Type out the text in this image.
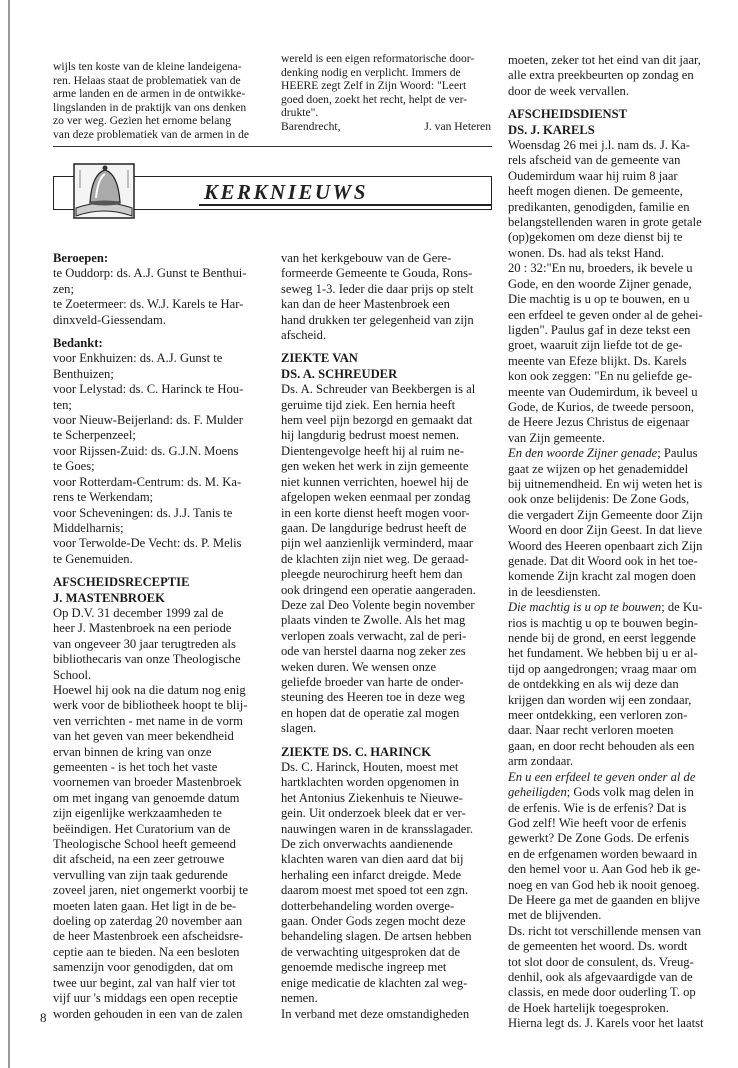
wijls ten koste van de kleine landeigena-

ren. Helaas staat de problematiek van de

arme landen en de armen in de ontwikke-

lingslanden in de praktijk van ons denken

zo ver weg. Gezien het ernome belang

van deze problematiek van de armen in de

wereld is een eigen reformatorische door-

denking nodig en verplicht. Immers de

HEERE zegt Zelf in Zijn Woord: "Leert

goed doen, zoekt het recht, helpt de ver-

drukte".

Barendrecht,	J. van Heteren
KERKNIEUWS

Beroepen:

te Ouddorp: ds. A.J. Gunst te Benthui-

zen;

te Zoetermeer: ds. W.J. Karels te Har-

dinxveld-Giessendam.

Bedankt:

voor Enkhuizen: ds. A.J. Gunst te

Benthuizen;

voor Lelystad: ds. C. Harinck te Hou-

ten;

voor Nieuw-Beijerland: ds. F. Mulder

te Scherpenzeel;

voor Rijssen-Zuid: ds. G.J.N. Moens

te Goes;

voor Rotterdam-Centrum: ds. M. Ka-

rens te Werkendam;

voor Scheveningen: ds. J.J. Tanis te

Middelharnis;

voor Terwolde-De Vecht: ds. P. Melis

te Genemuiden.

AFSCHEIDSRECEPTIE

J. MASTENBROEK

Op D.V. 31 december 1999 zal de

heer J. Mastenbroek na een periode

van ongeveer 30 jaar terugtreden als

bibliothecaris van onze Theologische

School.

Hoewel hij ook na die datum nog enig

werk voor de bibliotheek hoopt te blij-

ven verrichten - met name in de vorm

van het geven van meer bekendheid

ervan binnen de kring van onze

gemeenten - is het toch het vaste

voornemen van broeder Mastenbroek

om met ingang van genoemde datum

zijn eigenlijke werkzaamheden te

beëindigen. Het Curatorium van de

Theologische School heeft gemeend

dit afscheid, na een zeer getrouwe

vervulling van zijn taak gedurende

zoveel jaren, niet ongemerkt voorbij te

moeten laten gaan. Het ligt in de be-

doeling op zaterdag 20 november aan

de heer Mastenbroek een afscheidsre-

ceptie aan te bieden. Na een besloten

samenzijn voor genodigden, dat om

twee uur begint, zal van half vier tot

vijf uur 's middags een open receptie

worden gehouden in een van de zalen

van het kerkgebouw van de Gere-

formeerde Gemeente te Gouda, Rons-

seweg 1-3. Ieder die daar prijs op stelt

kan dan de heer Mastenbroek een

hand drukken ter gelegenheid van zijn

afscheid.

ZIEKTE VAN

DS. A. SCHREUDER

Ds. A. Schreuder van Beekbergen is al

geruime tijd ziek. Een hernia heeft

hem veel pijn bezorgd en gemaakt dat

hij langdurig bedrust moest nemen.

Dientengevolge heeft hij al ruim ne-

gen weken het werk in zijn gemeente

niet kunnen verrichten, hoewel hij de

afgelopen weken eenmaal per zondag

in een korte dienst heeft mogen voor-

gaan. De langdurige bedrust heeft de

pijn wel aanzienlijk verminderd, maar

de klachten zijn niet weg. De geraad-

pleegde neurochirurg heeft hem dan

ook dringend een operatie aangeraden.

Deze zal Deo Volente begin november

plaats vinden te Zwolle. Als het mag

verlopen zoals verwacht, zal de peri-

ode van herstel daarna nog zeker zes

weken duren. We wensen onze

geliefde broeder van harte de onder-

steuning des Heeren toe in deze weg

en hopen dat de operatie zal mogen

slagen.

ZIEKTE DS. C. HARINCK

Ds. C. Harinck, Houten, moest met

hartklachten worden opgenomen in

het Antonius Ziekenhuis te Nieuwe-

gein. Uit onderzoek bleek dat er ver-

nauwingen waren in de kransslagader.

De zich onverwachts aandienende

klachten waren van dien aard dat bij

herhaling een infarct dreigde. Mede

daarom moest met spoed tot een zgn.

dotterbehandeling worden overge-

gaan. Onder Gods zegen mocht deze

behandeling slagen. De artsen hebben

de verwachting uitgesproken dat de

genoemde medische ingreep met

enige medicatie de klachten zal weg-

nemen.

In verband met deze omstandigheden

moeten, zeker tot het eind van dit jaar,

alle extra preekbeurten op zondag en

door de week vervallen.

AFSCHEIDSDIENST

DS. J. KARELS

Woensdag 26 mei j.l. nam ds. J. Ka-

rels afscheid van de gemeente van

Oudemirdum waar hij ruim 8 jaar

heeft mogen dienen. De gemeente,

predikanten, genodigden, familie en

belangstellenden waren in grote getale

(op)gekomen om deze dienst bij te

wonen. Ds. had als tekst Hand.

20 : 32:"En nu, broeders, ik bevele u

Gode, en den woorde Zijner genade,

Die machtig is u op te bouwen, en u

een erfdeel te geven onder al de gehei-

ligden". Paulus gaf in deze tekst een

groet, waaruit zijn liefde tot de ge-

meente van Efeze blijkt. Ds. Karels

kon ook zeggen: "En nu geliefde ge-

meente van Oudemirdum, ik beveel u

Gode, de Kurios, de tweede persoon,

de Heere Jezus Christus de eigenaar

van Zijn gemeente.

En den woorde Zijner genade; Paulus

gaat ze wijzen op het genademiddel

bij uitnemendheid. En wij weten het is

ook onze belijdenis: De Zone Gods,

die vergadert Zijn Gemeente door Zijn

Woord en door Zijn Geest. In dat lieve

Woord des Heeren openbaart zich Zijn

genade. Dat dit Woord ook in het toe-

komende Zijn kracht zal mogen doen

in de leesdiensten.

Die machtig is u op te bouwen; de Ku-

rios is machtig u op te bouwen begin-

nende bij de grond, en eerst leggende

het fundament. We hebben bij u er al-

tijd op aangedrongen; vraag maar om

de ontdekking en als wij deze dan

krijgen dan worden wij een zondaar,

meer ontdekking, een verloren zon-

daar. Naar recht verloren moeten

gaan, en door recht behouden als een

arm zondaar.

En u een erfdeel te geven onder al de

geheiligden; Gods volk mag delen in

de erfenis. Wie is de erfenis? Dat is

God zelf! Wie heeft voor de erfenis

gewerkt? De Zone Gods. De erfenis

en de erfgenamen worden bewaard in

den hemel voor u. Aan God heb ik ge-

noeg en van God heb ik nooit genoeg.

De Heere ga met de gaanden en blijve

met de blijvenden.

Ds. richt tot verschillende mensen van

de gemeenten het woord. Ds. wordt

tot slot door de consulent, ds. Vreug-

denhil, ook als afgevaardigde van de

classis, en mede door ouderling T. op

de Hoek hartelijk toegesproken.

Hierna legt ds. J. Karels voor het laatst

8
